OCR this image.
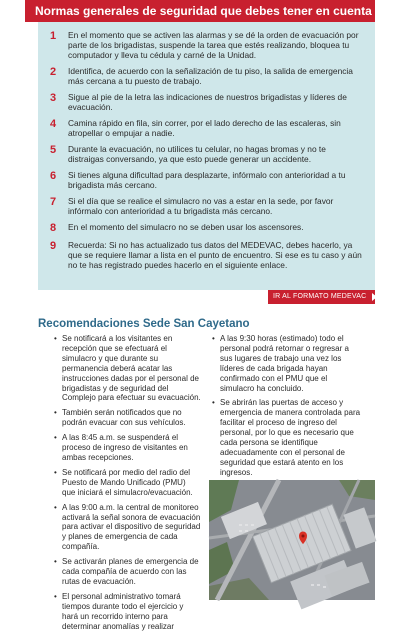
Normas generales de seguridad que debes tener en cuenta
1	En el momento que se activen las alarmas y se dé la orden de evacuación por parte de los brigadistas, suspende la tarea que estés realizando, bloquea tu computador y lleva tu cédula y carné de la Unidad.
2	Identifica, de acuerdo con la señalización de tu piso, la salida de emergencia más cercana a tu puesto de trabajo.
3	Sigue al pie de la letra las indicaciones de nuestros brigadistas y líderes de evacuación.
4	Camina rápido en fila, sin correr, por el lado derecho de las escaleras, sin atropellar o empujar a nadie.
5	Durante la evacuación, no utilices tu celular, no hagas bromas y no te distraigas conversando, ya que esto puede generar un accidente.
6	Si tienes alguna dificultad para desplazarte, infórmalo con anterioridad a tu brigadista más cercano.
7	Si el día que se realice el simulacro no vas a estar en la sede, por favor infórmalo con anterioridad a tu brigadista más cercano.
8	En el momento del simulacro no se deben usar los ascensores.
9	Recuerda: Si no has actualizado tus datos del MEDEVAC, debes hacerlo, ya que se requiere llamar a lista en el punto de encuentro. Si ese es tu caso y aún no te has registrado puedes hacerlo en el siguiente enlace.
IR AL FORMATO MEDEVAC
Recomendaciones Sede San Cayetano
• Se notificará a los visitantes en recepción que se efectuará el simulacro y que durante su permanencia deberá acatar las instrucciones dadas por el personal de brigadistas y de seguridad del Complejo para efectuar su evacuación.
• También serán notificados que no podrán evacuar con sus vehículos.
• A las 8:45 a.m. se suspenderá el proceso de ingreso de visitantes en ambas recepciones.
• Se notificará por medio del radio del Puesto de Mando Unificado (PMU) que iniciará el simulacro/evacuación.
• A las 9:00 a.m. la central de monitoreo activará la señal sonora de evacuación para activar el dispositivo de seguridad y planes de emergencia de cada compañía.
• Se activarán planes de emergencia de cada compañía de acuerdo con las rutas de evacuación.
• El personal administrativo tomará tiempos durante todo el ejercicio y hará un recorrido interno para determinar anomalías y realizar
• A las 9:30 horas (estimado) todo el personal podrá retornar o regresar a sus lugares de trabajo una vez los líderes de cada brigada hayan confirmado con el PMU que el simulacro ha concluido.
• Se abrirán las puertas de acceso y emergencia de manera controlada para facilitar el proceso de ingreso del personal, por lo que es necesario que cada persona se identifique adecuadamente con el personal de seguridad que estará atento en los ingresos.
